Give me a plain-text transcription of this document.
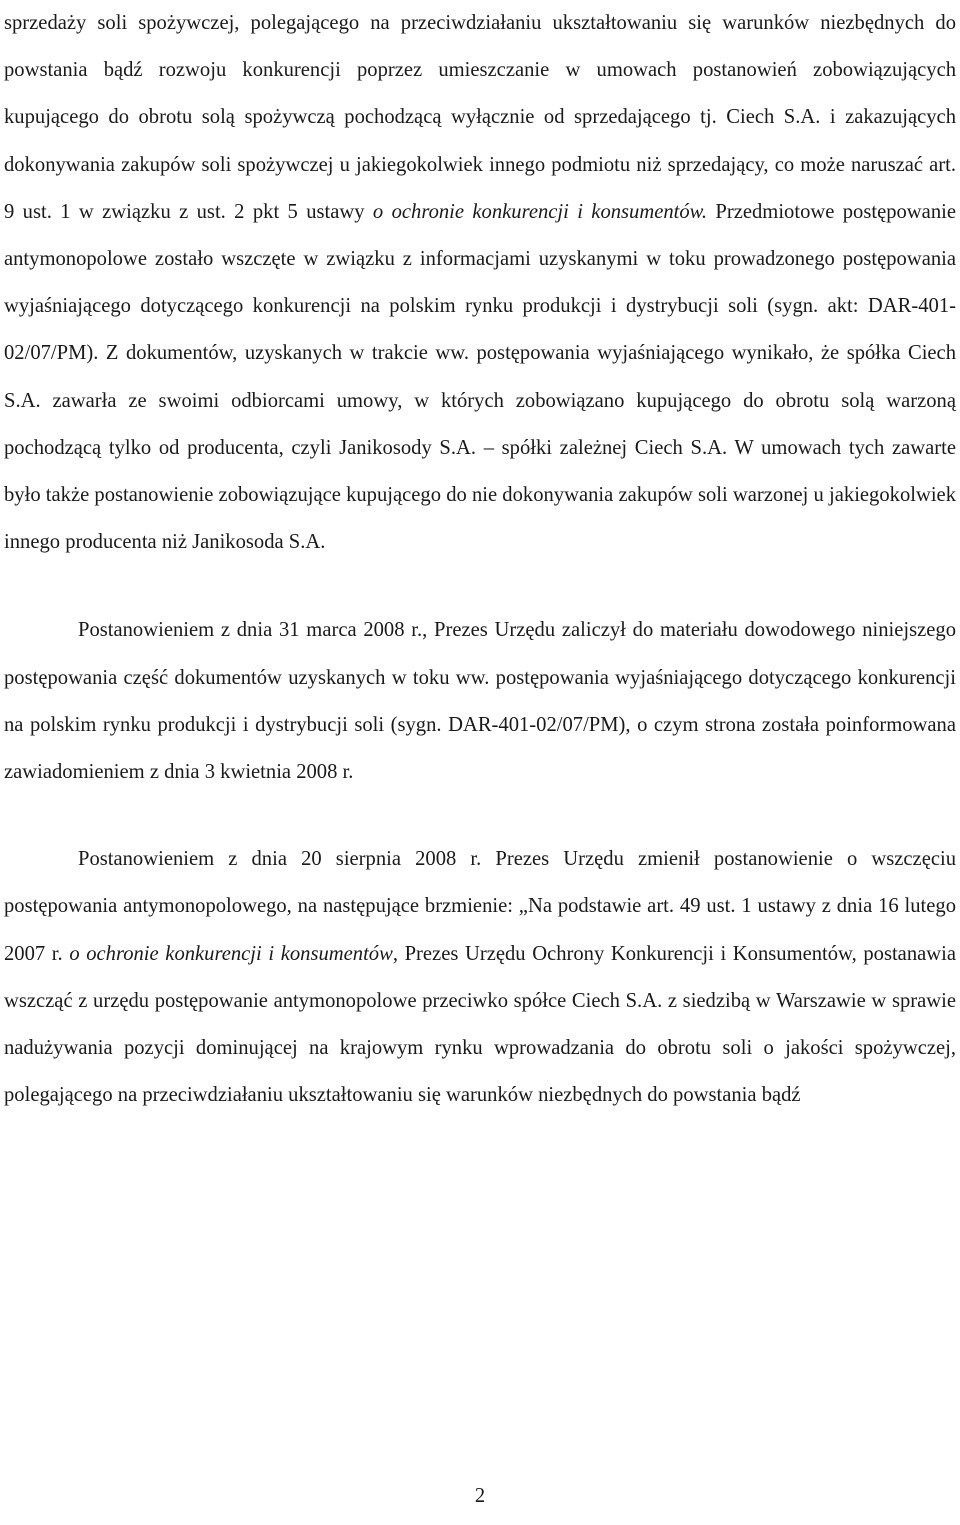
sprzedaży soli spożywczej, polegającego na przeciwdziałaniu ukształtowaniu się warunków niezbędnych do powstania bądź rozwoju konkurencji poprzez umieszczanie w umowach postanowień zobowiązujących kupującego do obrotu solą spożywczą pochodzącą wyłącznie od sprzedającego tj. Ciech S.A. i zakazujących dokonywania zakupów soli spożywczej u jakiegokolwiek innego podmiotu niż sprzedający, co może naruszać art. 9 ust. 1 w związku z ust. 2 pkt 5 ustawy o ochronie konkurencji i konsumentów. Przedmiotowe postępowanie antymonopolowe zostało wszczęte w związku z informacjami uzyskanymi w toku prowadzonego postępowania wyjaśniającego dotyczącego konkurencji na polskim rynku produkcji i dystrybucji soli (sygn. akt: DAR-401-02/07/PM). Z dokumentów, uzyskanych w trakcie ww. postępowania wyjaśniającego wynikało, że spółka Ciech S.A. zawarła ze swoimi odbiorcami umowy, w których zobowiązano kupującego do obrotu solą warzoną pochodzącą tylko od producenta, czyli Janikosody S.A. – spółki zależnej Ciech S.A. W umowach tych zawarte było także postanowienie zobowiązujące kupującego do nie dokonywania zakupów soli warzonej u jakiegokolwiek innego producenta niż Janikosoda S.A.

Postanowieniem z dnia 31 marca 2008 r., Prezes Urzędu zaliczył do materiału dowodowego niniejszego postępowania część dokumentów uzyskanych w toku ww. postępowania wyjaśniającego dotyczącego konkurencji na polskim rynku produkcji i dystrybucji soli (sygn. DAR-401-02/07/PM), o czym strona została poinformowana zawiadomieniem z dnia 3 kwietnia 2008 r.

Postanowieniem z dnia 20 sierpnia 2008 r. Prezes Urzędu zmienił postanowienie o wszczęciu postępowania antymonopolowego, na następujące brzmienie: „Na podstawie art. 49 ust. 1 ustawy z dnia 16 lutego 2007 r. o ochronie konkurencji i konsumentów, Prezes Urzędu Ochrony Konkurencji i Konsumentów, postanawia wszcząć z urzędu postępowanie antymonopolowe przeciwko spółce Ciech S.A. z siedzibą w Warszawie w sprawie nadużywania pozycji dominującej na krajowym rynku wprowadzania do obrotu soli o jakości spożywczej, polegającego na przeciwdziałaniu ukształtowaniu się warunków niezbędnych do powstania bądź

2
